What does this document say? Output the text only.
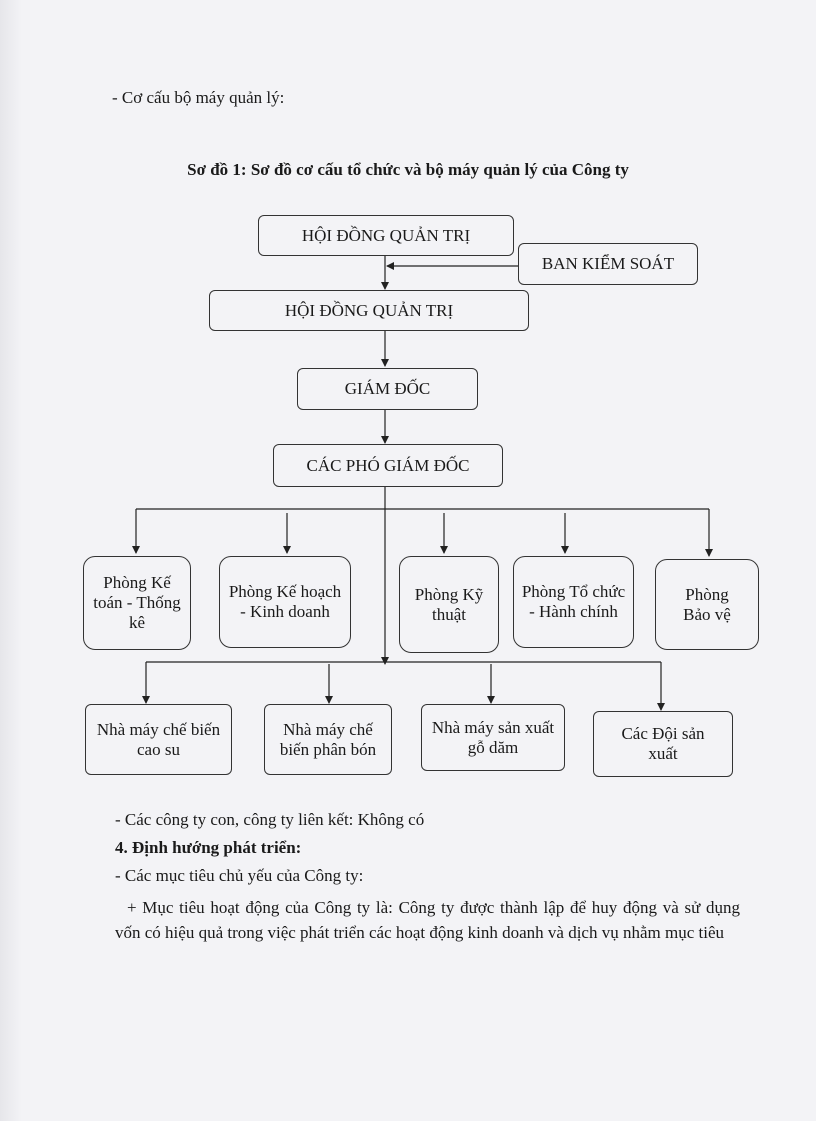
- Cơ cấu bộ máy quản lý:
Sơ đồ 1: Sơ đồ cơ cấu tổ chức và bộ máy quản lý của Công ty
HỘI ĐỒNG QUẢN TRỊ
BAN KIỂM SOÁT
HỘI ĐỒNG QUẢN TRỊ
GIÁM ĐỐC
CÁC PHÓ GIÁM ĐỐC
Phòng Kế toán - Thống kê
Phòng Kế hoạch - Kinh doanh
Phòng Kỹ thuật
Phòng Tổ chức - Hành chính
Phòng Bảo vệ
Nhà máy chế biến cao su
Nhà máy chế biến phân bón
Nhà máy sản xuất gỗ dăm
Các Đội sản xuất
- Các công ty con, công ty liên kết: Không có
4. Định hướng phát triển:
- Các mục tiêu chủ yếu của Công ty:
+ Mục tiêu hoạt động của Công ty là: Công ty được thành lập để huy động và sử dụng vốn có hiệu quả trong việc phát triển các hoạt động kinh doanh và dịch vụ nhằm mục tiêu
